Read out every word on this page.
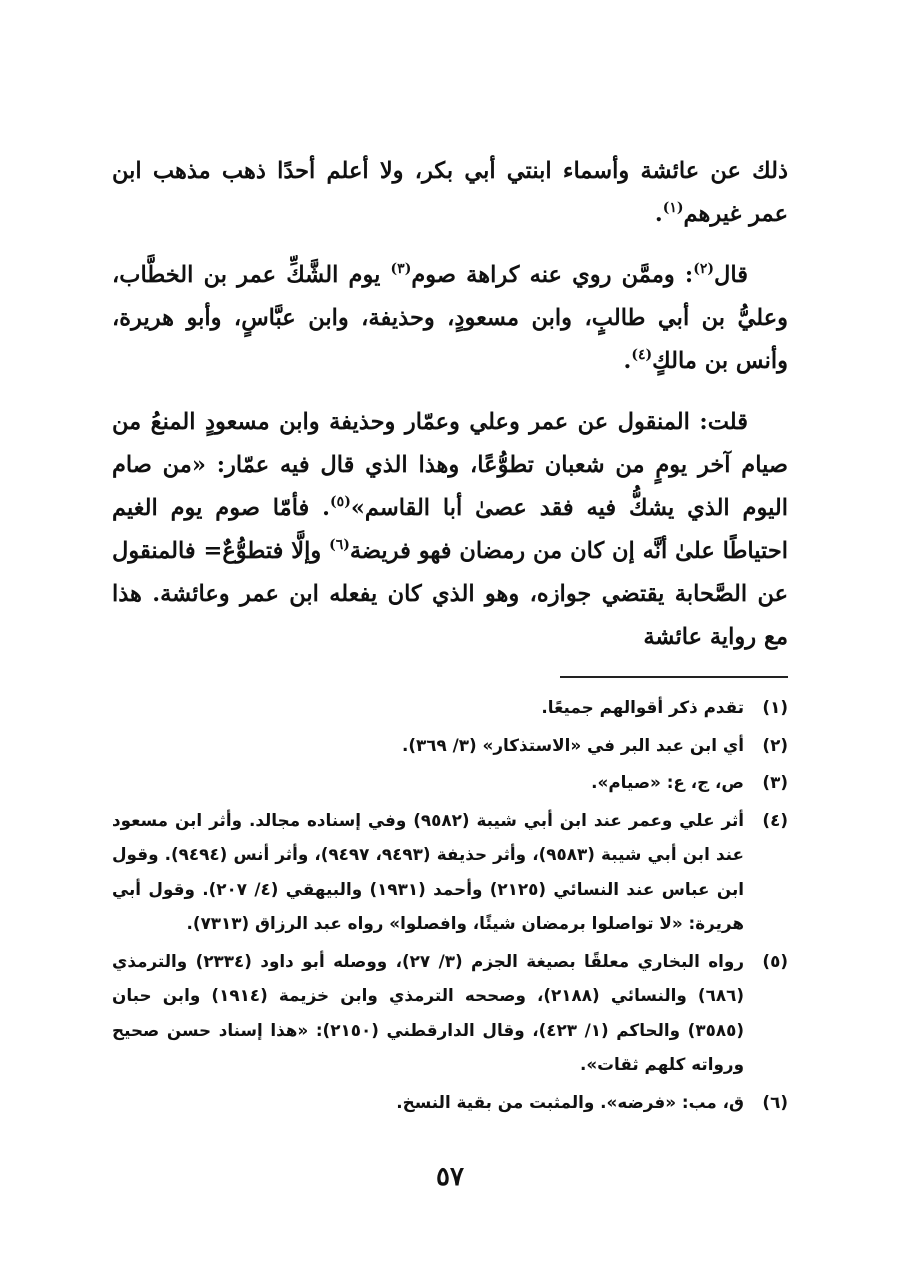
ذلك عن عائشة وأسماء ابنتي أبي بكر، ولا أعلم أحدًا ذهب مذهب ابن عمر غيرهم$^{(١)}$.

قال$^{(٢)}$: وممَّن روي عنه كراهة صوم$^{(٣)}$ يوم الشَّكِّ عمر بن الخطَّاب، وعليُّ بن أبي طالبٍ، وابن مسعودٍ، وحذيفة، وابن عبَّاسٍ، وأبو هريرة، وأنس بن مالكٍ$^{(٤)}$.

قلت: المنقول عن عمر وعلي وعمّار وحذيفة وابن مسعودٍ المنعُ من صيام آخر يومٍ من شعبان تطوُّعًا، وهذا الذي قال فيه عمّار: «من صام اليوم الذي يشكُّ فيه فقد عصىٰ أبا القاسم»$^{(٥)}$. فأمّا صوم يوم الغيم احتياطًا علىٰ أنَّه إن كان من رمضان فهو فريضة$^{(٦)}$ وإلَّا فتطوُّعٌ= فالمنقول عن الصَّحابة يقتضي جوازه، وهو الذي كان يفعله ابن عمر وعائشة. هذا مع رواية عائشة

(١)
تقدم ذكر أقوالهم جميعًا.
(٢)
أي ابن عبد البر في «الاستذكار» (٣/ ٣٦٩).
(٣)
ص، ج، ع: «صيام».
(٤)
أثر علي وعمر عند ابن أبي شيبة (٩٥٨٢) وفي إسناده مجالد. وأثر ابن مسعود عند ابن أبي شيبة (٩٥٨٣)، وأثر حذيفة (٩٤٩٣، ٩٤٩٧)، وأثر أنس (٩٤٩٤). وقول ابن عباس عند النسائي (٢١٢٥) وأحمد (١٩٣١) والبيهقي (٤/ ٢٠٧). وقول أبي هريرة: «لا تواصلوا برمضان شيئًا، وافصلوا» رواه عبد الرزاق (٧٣١٣).
(٥)
رواه البخاري معلقًا بصيغة الجزم (٣/ ٢٧)، ووصله أبو داود (٢٣٣٤) والترمذي (٦٨٦) والنسائي (٢١٨٨)، وصححه الترمذي وابن خزيمة (١٩١٤) وابن حبان (٣٥٨٥) والحاكم (١/ ٤٢٣)، وقال الدارقطني (٢١٥٠): «هذا إسناد حسن صحيح ورواته كلهم ثقات».
(٦)
ق، مب: «فرضه». والمثبت من بقية النسخ.
٥٧
